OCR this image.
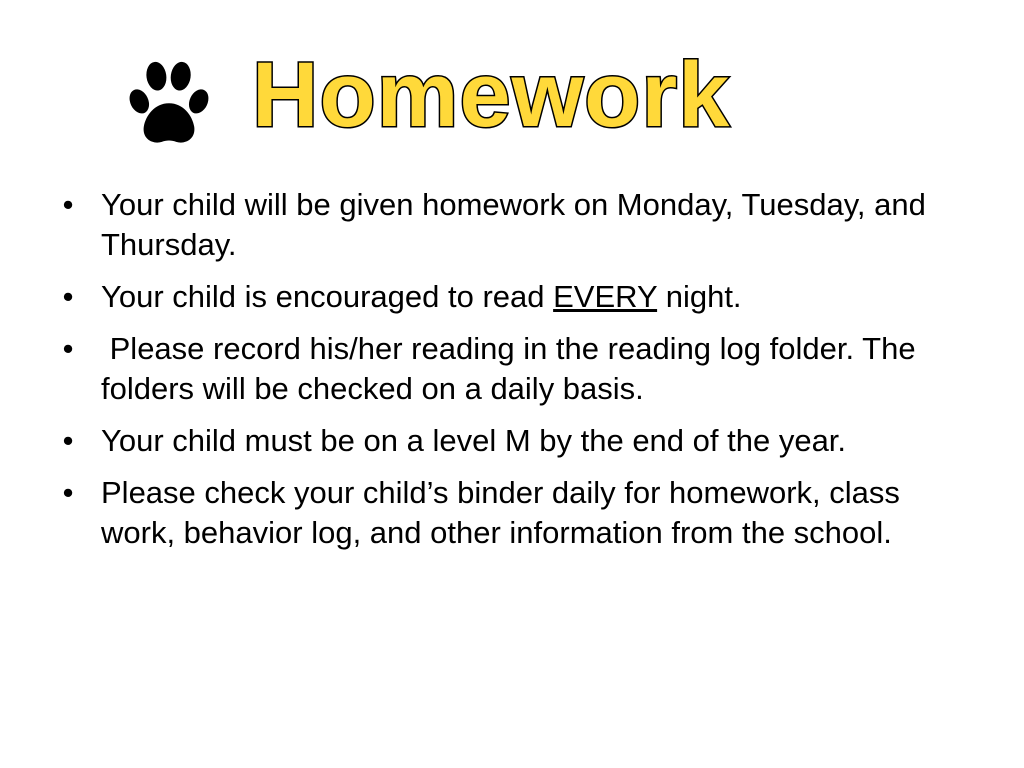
Homework
• Your child will be given homework on Monday, Tuesday, and Thursday.
• Your child is encouraged to read EVERY night.
• Please record his/her reading in the reading log folder. The folders will be checked on a daily basis.
• Your child must be on a level M by the end of the year.
• Please check your child’s binder daily for homework, class work, behavior log, and other information from the school.
